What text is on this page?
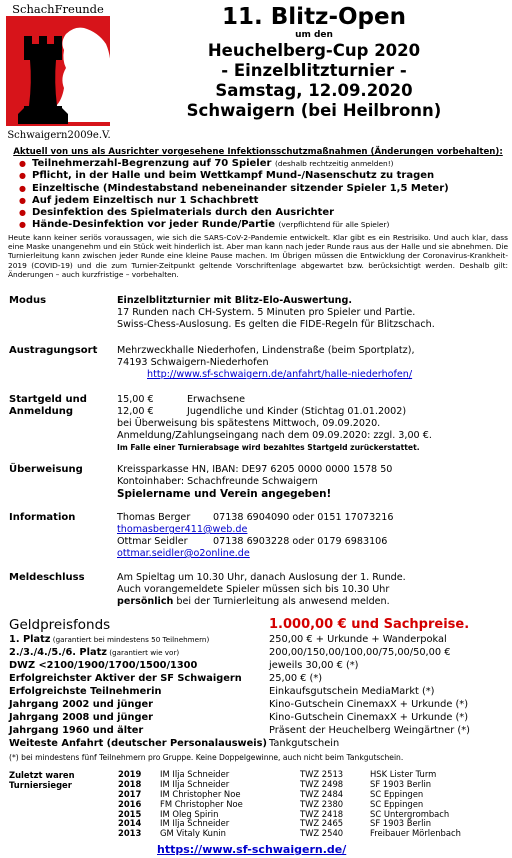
SchachFreunde
Schwaigern2009e.V.
11. Blitz-Open
um den
Heuchelberg-Cup 2020
- Einzelblitzturnier -
Samstag, 12.09.2020
Schwaigern (bei Heilbronn)
Aktuell von uns als Ausrichter vorgesehene Infektionsschutzmaßnahmen (Änderungen vorbehalten):
● Teilnehmerzahl-Begrenzung auf 70 Spieler (deshalb rechtzeitig anmelden!)
● Pflicht, in der Halle und beim Wettkampf Mund-/Nasenschutz zu tragen
● Einzeltische (Mindestabstand nebeneinander sitzender Spieler 1,5 Meter)
● Auf jedem Einzeltisch nur 1 Schachbrett
● Desinfektion des Spielmaterials durch den Ausrichter
● Hände-Desinfektion vor jeder Runde/Partie (verpflichtend für alle Spieler)
Heute kann keiner seriös voraussagen, wie sich die SARS-CoV-2-Pandemie entwickelt. Klar gibt es ein Restrisiko. Und auch klar, dass eine Maske unangenehm und ein Stück weit hinderlich ist. Aber man kann nach jeder Runde raus aus der Halle und sie abnehmen. Die Turnierleitung kann zwischen jeder Runde eine kleine Pause machen. Im Übrigen müssen die Entwicklung der Coronavirus-Krankheit-2019 (COVID-19) und die zum Turnier-Zeitpunkt geltende Vorschriftenlage abgewartet bzw. berücksichtigt werden. Deshalb gilt: Änderungen – auch kurzfristige – vorbehalten.
Modus	Einzelblitzturnier mit Blitz-Elo-Auswertung.
17 Runden nach CH-System. 5 Minuten pro Spieler und Partie.
Swiss-Chess-Auslosung. Es gelten die FIDE-Regeln für Blitzschach.
Austragungsort Mehrzweckhalle Niederhofen, Lindenstraße (beim Sportplatz),
74193 Schwaigern-Niederhofen
http://www.sf-schwaigern.de/anfahrt/halle-niederhofen/
Startgeld und
Anmeldung
15,00 €	Erwachsene
12,00 €	Jugendliche und Kinder (Stichtag 01.01.2002)
bei Überweisung bis spätestens Mittwoch, 09.09.2020.
Anmeldung/Zahlungseingang nach dem 09.09.2020: zzgl. 3,00 €.
Im Falle einer Turnierabsage wird bezahltes Startgeld zurückerstattet.
Überweisung	Kreissparkasse HN, IBAN: DE97 6205 0000 0000 1578 50
Kontoinhaber: Schachfreunde Schwaigern
Spielername und Verein angegeben!
Information	Thomas Berger 07138 6904090 oder 0151 17073216
thomasberger411@web.de
Ottmar Seidler	07138 6903228 oder 0179 6983106
ottmar.seidler@o2online.de
Meldeschluss	Am Spieltag um 10.30 Uhr, danach Auslosung der 1. Runde.
Auch vorangemeldete Spieler müssen sich bis 10.30 Uhr
persönlich bei der Turnierleitung als anwesend melden.
Geldpreisfonds	1.000,00 € und Sachpreise.
1. Platz (garantiert bei mindestens 50 Teilnehmern)	250,00 € + Urkunde + Wanderpokal
2./3./4./5./6. Platz (garantiert wie vor)	200,00/150,00/100,00/75,00/50,00 €
DWZ <2100/1900/1700/1500/1300	jeweils 30,00 € (*)
Erfolgreichster Aktiver der SF Schwaigern	25,00 € (*)
Erfolgreichste Teilnehmerin	Einkaufsgutschein MediaMarkt (*)
Jahrgang 2002 und jünger	Kino-Gutschein CinemaxX + Urkunde (*)
Jahrgang 2008 und jünger	Kino-Gutschein CinemaxX + Urkunde (*)
Jahrgang 1960 und älter	Präsent der Heuchelberg Weingärtner (*)
Weiteste Anfahrt (deutscher Personalausweis) Tankgutschein
(*) bei mindestens fünf Teilnehmern pro Gruppe. Keine Doppelgewinne, auch nicht beim Tankgutschein.
Zuletzt waren
Turniersieger
2019 IM Ilja Schneider	TWZ 2513	HSK Lister Turm
2018 IM Ilja Schneider	TWZ 2498	SF 1903 Berlin
2017 IM Christopher Noe	TWZ 2484	SC Eppingen
2016 FM Christopher Noe	TWZ 2380	SC Eppingen
2015 IM Oleg Spirin	TWZ 2418	SC Untergrombach
2014 IM Ilja Schneider	TWZ 2465	SF 1903 Berlin
2013 GM Vitaly Kunin	TWZ 2540	Freibauer Mörlenbach
https://www.sf-schwaigern.de/
